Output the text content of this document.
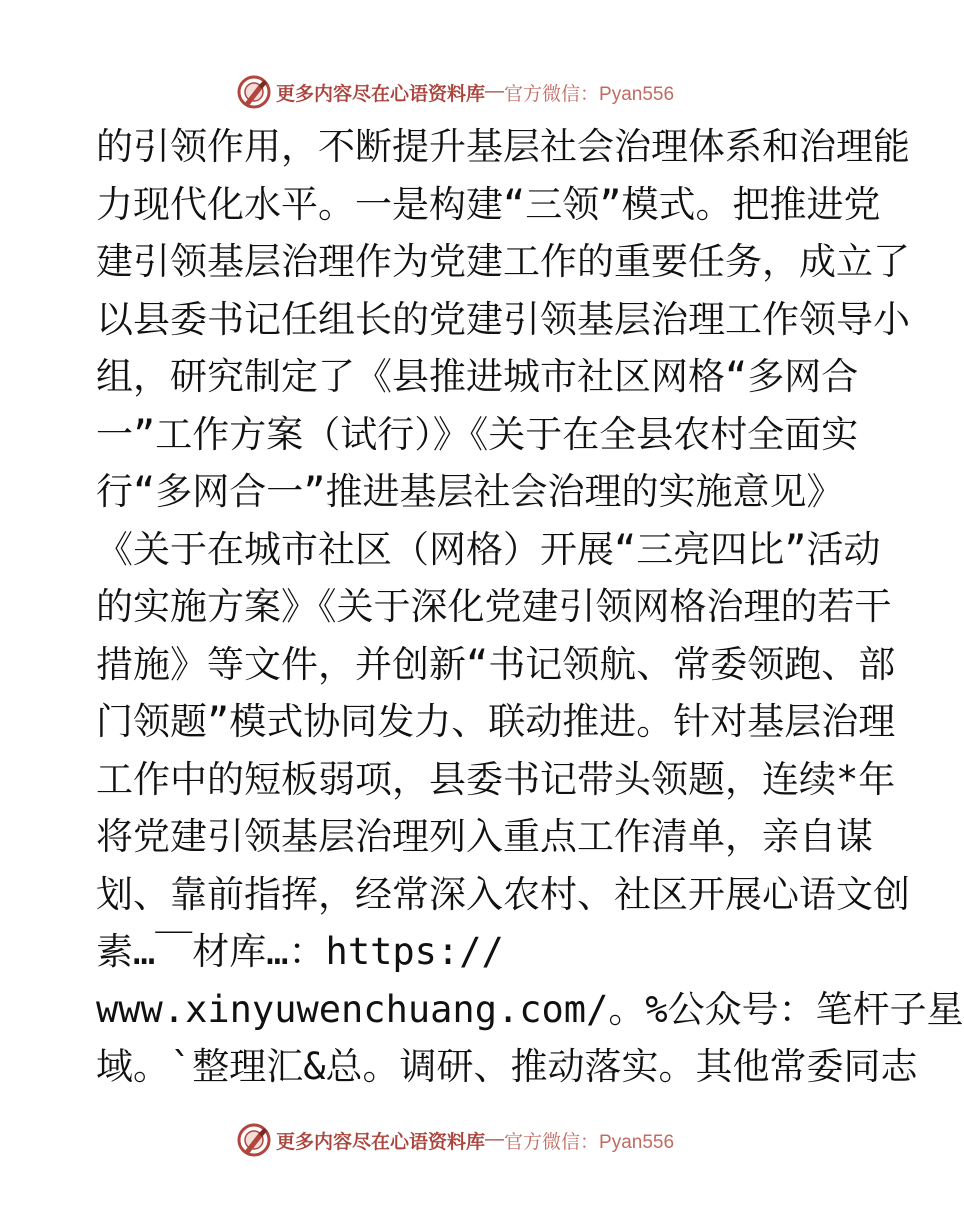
更多内容尽在心语资料库 — 官方微信：Pyan556
的引领作用，不断提升基层社会治理体系和治理能
力现代化水平。一是构建“三领”模式。把推进党
建引领基层治理作为党建工作的重要任务，成立了
以县委书记任组长的党建引领基层治理工作领导小
组，研究制定了《县推进城市社区网格“多网合
一”工作方案（试行）》《关于在全县农村全面实
行“多网合一”推进基层社会治理的实施意见》
《关于在城市社区（网格）开展“三亮四比”活动
的实施方案》《关于深化党建引领网格治理的若干
措施》等文件，并创新“书记领航、常委领跑、部
门领题”模式协同发力、联动推进。针对基层治理
工作中的短板弱项，县委书记带头领题，连续*年
将党建引领基层治理列入重点工作清单，亲自谋
划、靠前指挥，经常深入农村、社区开展心语文创
素…￣材库…：https://
www.xinyuwenchuang.com/。%公众号：笔杆子星
域。`整理汇&总。调研、推动落实。其他常委同志
更多内容尽在心语资料库 — 官方微信：Pyan556
